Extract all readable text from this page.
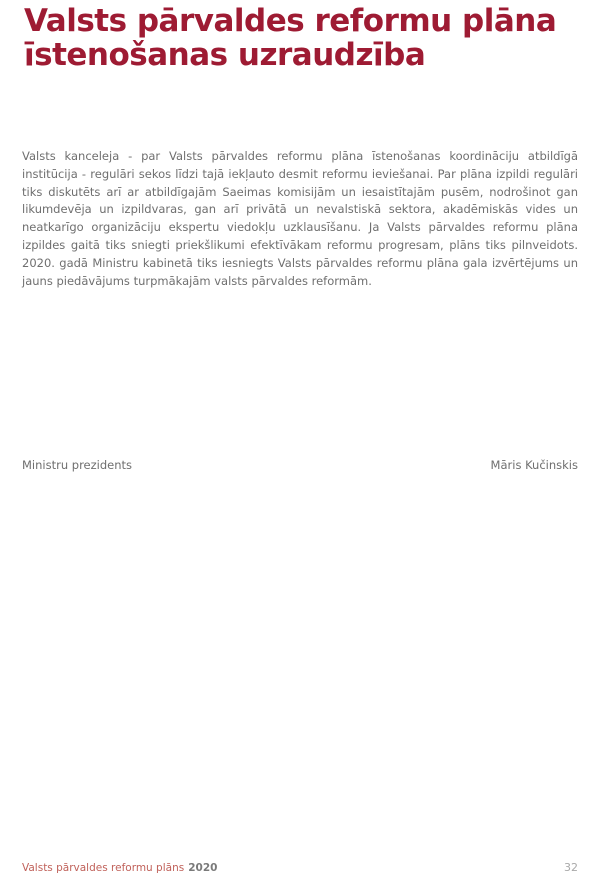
Valsts pārvaldes reformu plāna īstenošanas uzraudzība

Valsts kanceleja - par Valsts pārvaldes reformu plāna īstenošanas koordināciju atbildīgā institūcija - regulāri sekos līdzi tajā iekļauto desmit reformu ieviešanai. Par plāna izpildi regulāri tiks diskutēts arī ar atbildīgajām Saeimas komisijām un iesaistītajām pusēm, nodrošinot gan likumdevēja un izpildvaras, gan arī privātā un nevalstiskā sektora, akadēmiskās vides un neatkarīgo organizāciju ekspertu viedokļu uzklausīšanu. Ja Valsts pārvaldes reformu plāna izpildes gaitā tiks sniegti priekšlikumi efektīvākam reformu progresam, plāns tiks pilnveidots. 2020. gadā Ministru kabinetā tiks iesniegts Valsts pārvaldes reformu plāna gala izvērtējums un jauns piedāvājums turpmākajām valsts pārvaldes reformām.

Ministru prezidents	Māris Kučinskis
Valsts pārvaldes reformu plāns 2020	32
